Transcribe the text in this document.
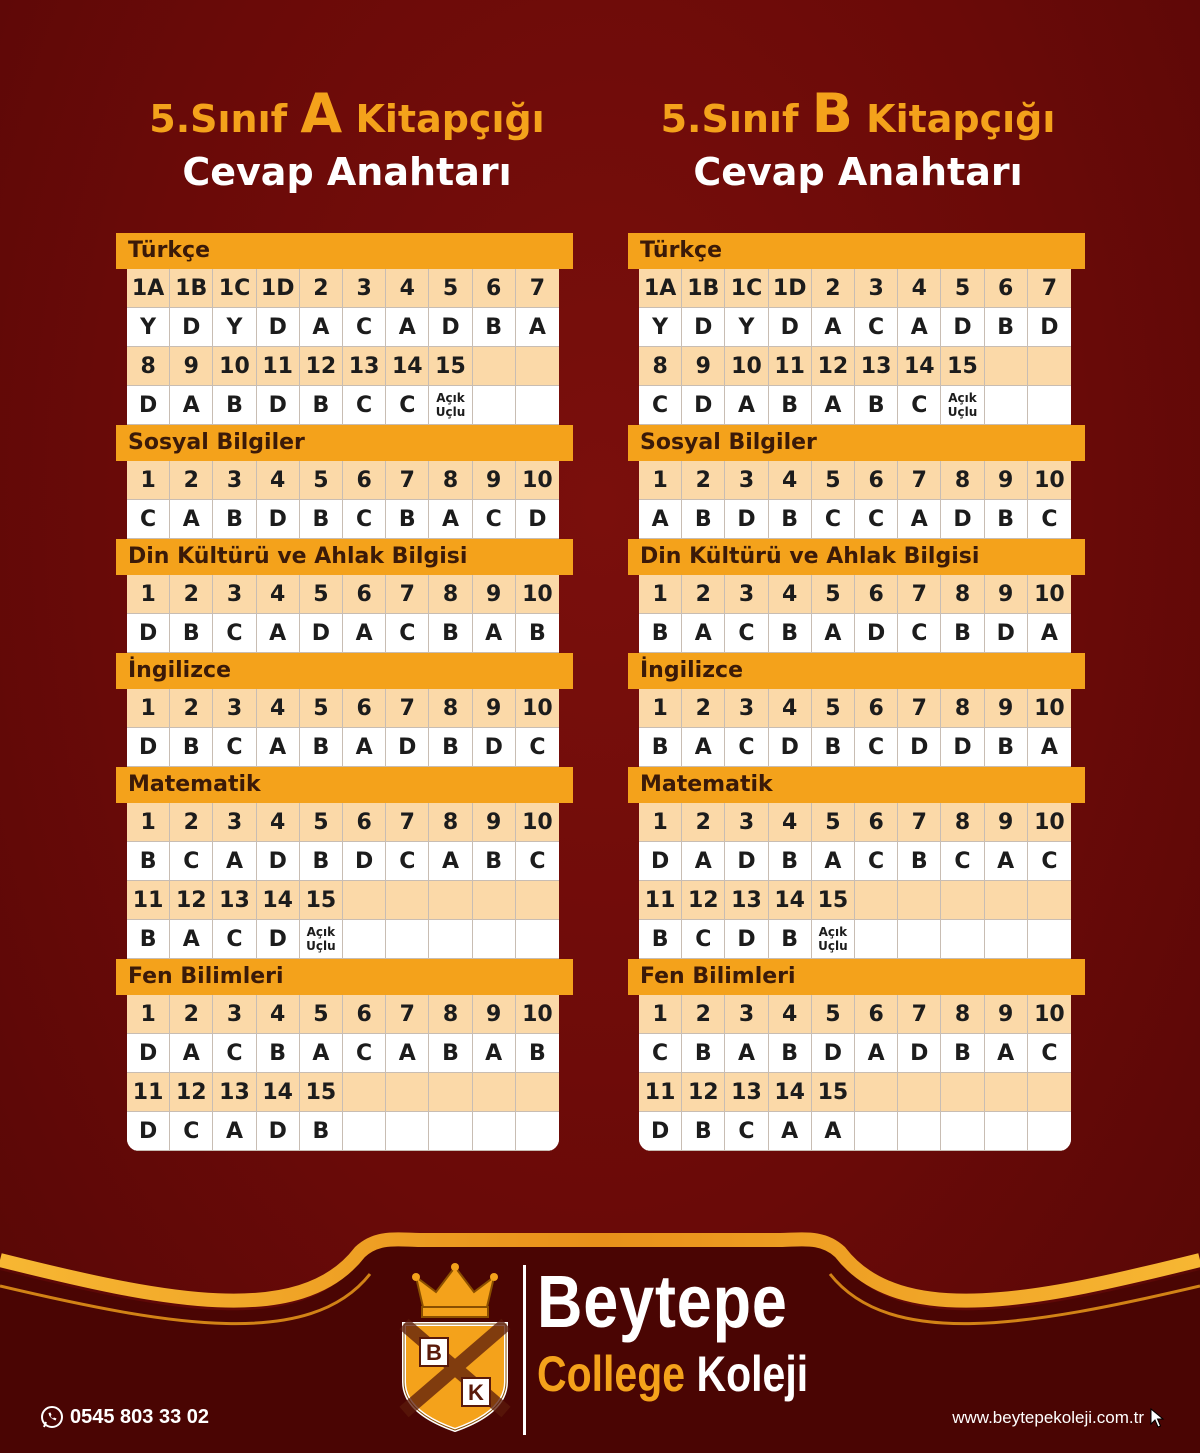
5.Sınıf A Kitapçığı
Cevap Anahtarı
5.Sınıf B Kitapçığı
Cevap Anahtarı
Türkçe
1A 1B 1C 1D 2	3	4	5	6	7
Y	D	Y	D	A	C	A	D	B	A
8	9 10 11 12 13 14 15
D	A	B	D	B	C	C	Açık
Uçlu
Sosyal Bilgiler
1	2	3	4	5	6	7	8	9 10
C	A	B	D	B	C	B	A	C	D
Din Kültürü ve Ahlak Bilgisi
1	2	3	4	5	6	7	8	9 10
D	B	C	A	D	A	C	B	A	B
İngilizce
1	2	3	4	5	6	7	8	9 10
D	B	C	A	B	A	D	B	D	C
Matematik
1	2	3	4	5	6	7	8	9 10
B	C	A	D	B	D	C	A	B	C
11 12 13 14 15
B	A	C	D	Açık
Uçlu
Fen Bilimleri
1	2	3	4	5	6	7	8	9 10
D	A	C	B	A	C	A	B	A	B
11 12 13 14 15
D	C	A	D	B
Türkçe
1A 1B 1C 1D 2	3	4	5	6	7
Y	D	Y	D	A	C	A	D	B	D
8	9 10 11 12 13 14 15
C	D	A	B	A	B	C	Açık
Uçlu
Sosyal Bilgiler
1	2	3	4	5	6	7	8	9 10
A	B	D	B	C	C	A	D	B	C
Din Kültürü ve Ahlak Bilgisi
1	2	3	4	5	6	7	8	9 10
B	A	C	B	A	D	C	B	D	A
İngilizce
1	2	3	4	5	6	7	8	9 10
B	A	C	D	B	C	D	D	B	A
Matematik
1	2	3	4	5	6	7	8	9 10
D	A	D	B	A	C	B	C	A	C
11 12 13 14 15
B	C	D	B	Açık
Uçlu
Fen Bilimleri
1	2	3	4	5	6	7	8	9 10
C	B	A	B	D	A	D	B	A	C
11 12 13 14 15
D	B	C	A	A
B
K
Beytepe
College Koleji
0545 803 33 02	www.beytepekoleji.com.tr
